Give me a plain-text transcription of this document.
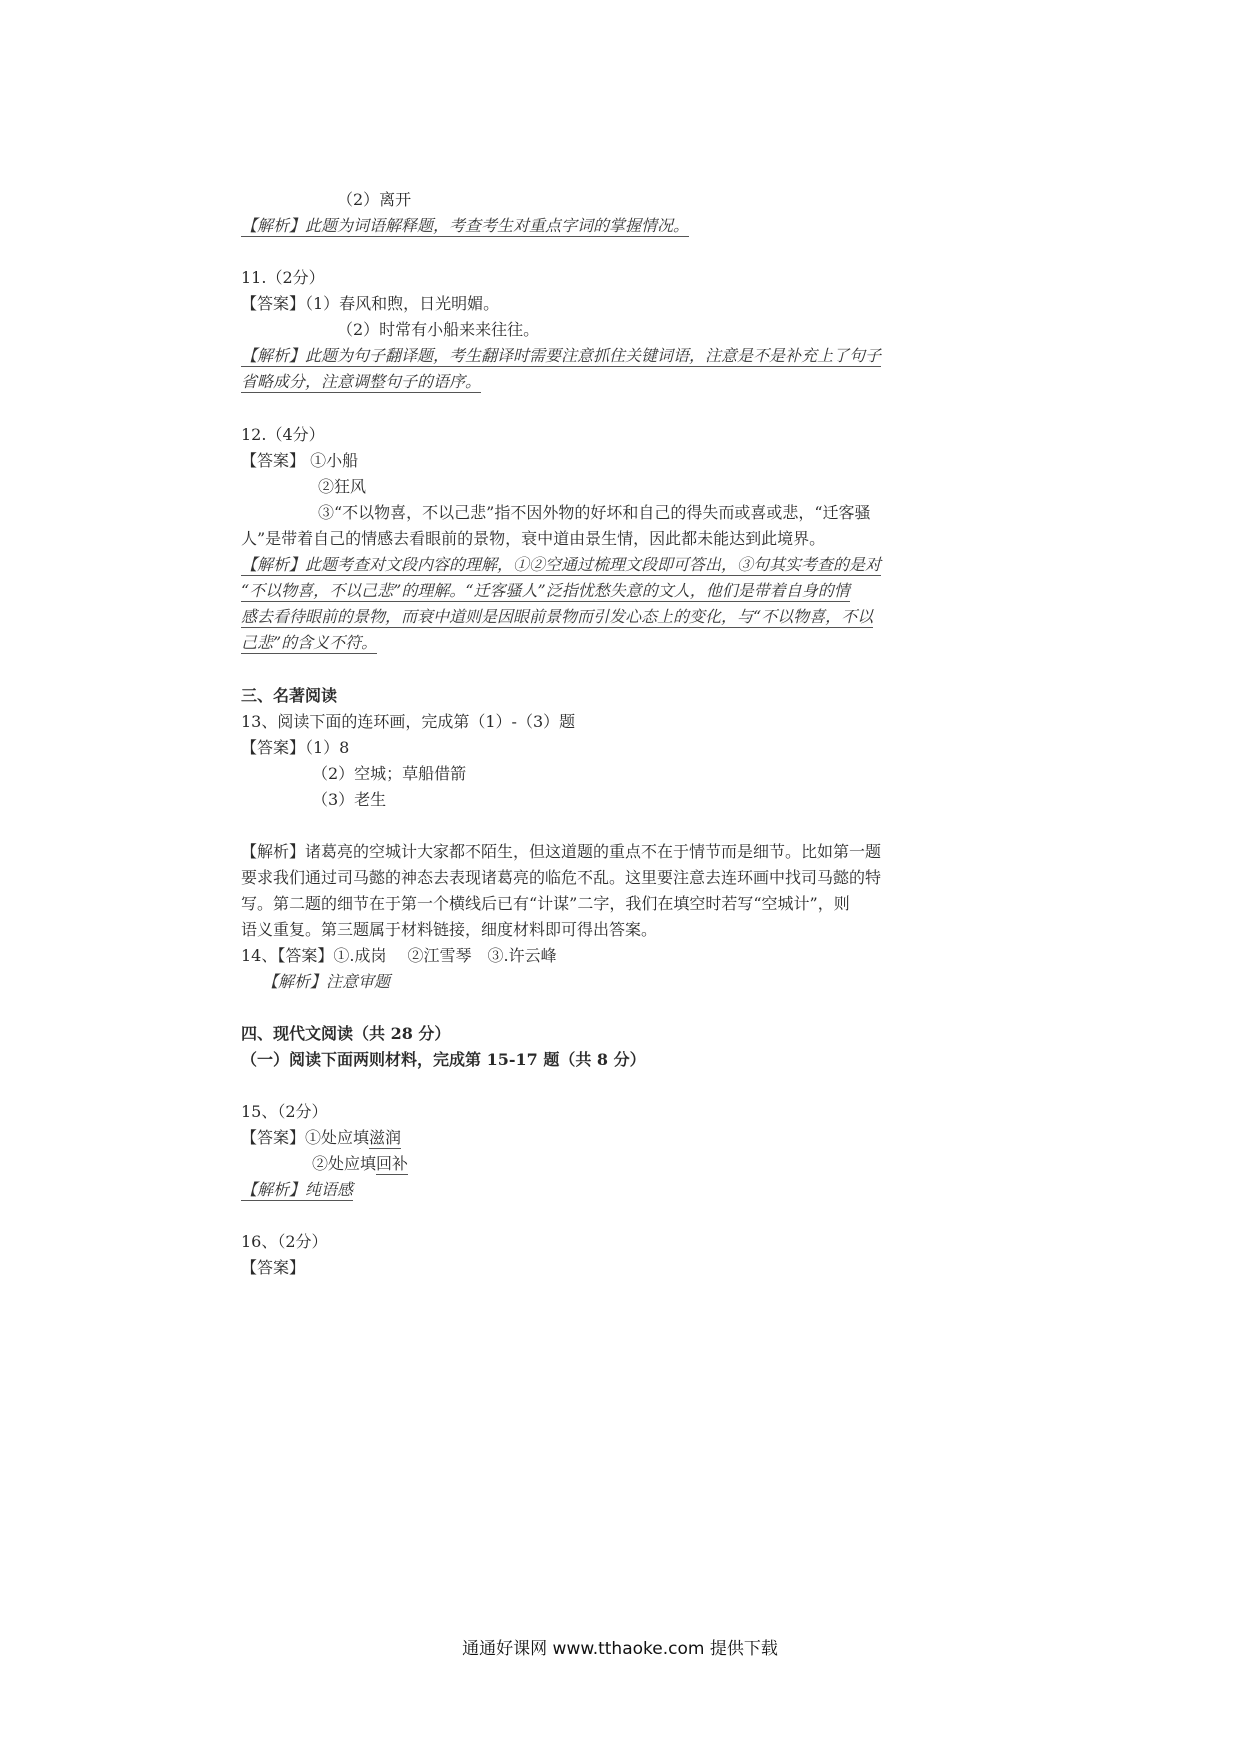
（2）离开
【解析】此题为词语解释题，考查考生对重点字词的掌握情况。
11.（2分）
【答案】（1）春风和煦，日光明媚。
（2）时常有小船来来往往。
【解析】此题为句子翻译题，考生翻译时需要注意抓住关键词语，注意是不是补充上了句子
省略成分，注意调整句子的语序。
12.（4分）
【答案】 ①小船
②狂风
③“不以物喜，不以己悲”指不因外物的好坏和自己的得失而或喜或悲，“迁客骚
人”是带着自己的情感去看眼前的景物，衰中道由景生情，因此都未能达到此境界。
【解析】此题考查对文段内容的理解，①②空通过梳理文段即可答出，③句其实考查的是对
“不以物喜，不以己悲”的理解。“迁客骚人”泛指忧愁失意的文人，他们是带着自身的情
感去看待眼前的景物，而衰中道则是因眼前景物而引发心态上的变化，与“不以物喜，不以
己悲”的含义不符。
三、名著阅读
13、阅读下面的连环画，完成第（1）-（3）题
【答案】（1）8
（2）空城；草船借箭
（3）老生
【解析】诸葛亮的空城计大家都不陌生，但这道题的重点不在于情节而是细节。比如第一题
要求我们通过司马懿的神态去表现诸葛亮的临危不乱。这里要注意去连环画中找司马懿的特
写。第二题的细节在于第一个横线后已有“计谋”二字，我们在填空时若写“空城计”，则
语义重复。第三题属于材料链接，细度材料即可得出答案。
14、【答案】①.成岗　 ②江雪琴　③.许云峰
【解析】注意审题
四、现代文阅读（共 28 分）
（一）阅读下面两则材料，完成第 15-17 题（共 8 分）
15、（2分）
【答案】①处应填滋润
②处应填回补
【解析】纯语感
16、（2分）
【答案】
通通好课网 www.tthaoke.com 提供下载
